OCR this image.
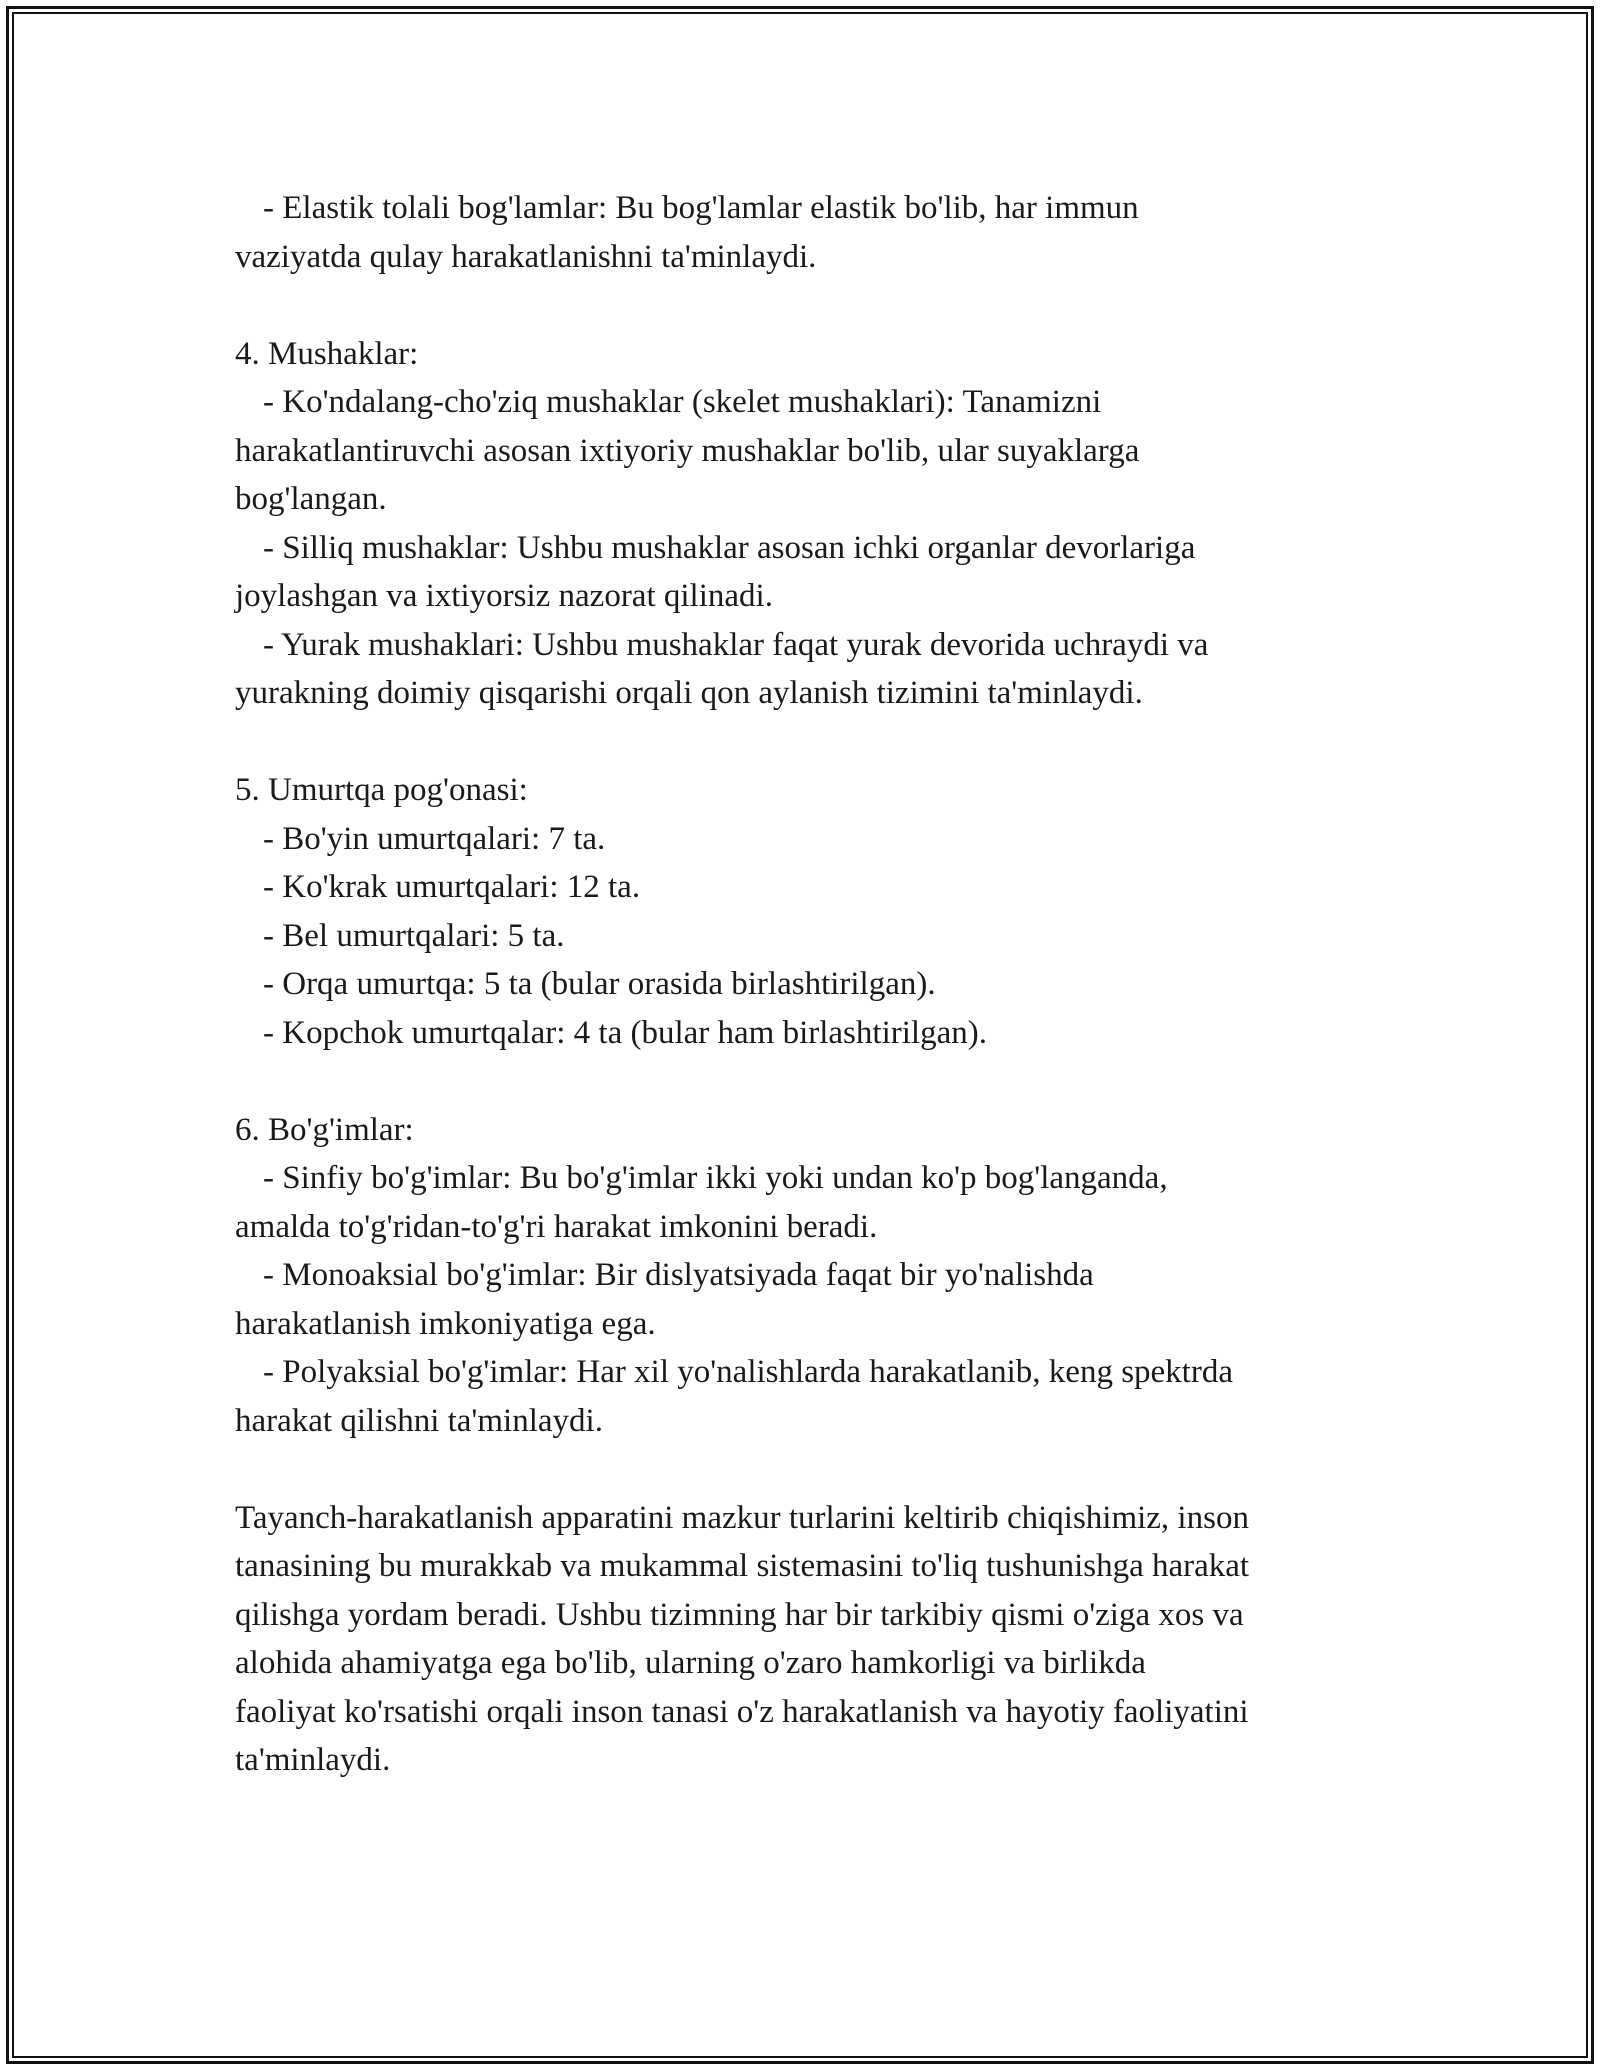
- Elastik tolali bog'lamlar: Bu bog'lamlar elastik bo'lib, har immun
vaziyatda qulay harakatlanishni ta'minlaydi.
4. Mushaklar:
- Ko'ndalang-cho'ziq mushaklar (skelet mushaklari): Tanamizni
harakatlantiruvchi asosan ixtiyoriy mushaklar bo'lib, ular suyaklarga
bog'langan.
- Silliq mushaklar: Ushbu mushaklar asosan ichki organlar devorlariga
joylashgan va ixtiyorsiz nazorat qilinadi.
- Yurak mushaklari: Ushbu mushaklar faqat yurak devorida uchraydi va
yurakning doimiy qisqarishi orqali qon aylanish tizimini ta'minlaydi.
5. Umurtqa pog'onasi:
- Bo'yin umurtqalari: 7 ta.
- Ko'krak umurtqalari: 12 ta.
- Bel umurtqalari: 5 ta.
- Orqa umurtqa: 5 ta (bular orasida birlashtirilgan).
- Kopchok umurtqalar: 4 ta (bular ham birlashtirilgan).
6. Bo'g'imlar:
- Sinfiy bo'g'imlar: Bu bo'g'imlar ikki yoki undan ko'p bog'langanda,
amalda to'g'ridan-to'g'ri harakat imkonini beradi.
- Monoaksial bo'g'imlar: Bir dislyatsiyada faqat bir yo'nalishda
harakatlanish imkoniyatiga ega.
- Polyaksial bo'g'imlar: Har xil yo'nalishlarda harakatlanib, keng spektrda
harakat qilishni ta'minlaydi.
Tayanch-harakatlanish apparatini mazkur turlarini keltirib chiqishimiz, inson
tanasining bu murakkab va mukammal sistemasini to'liq tushunishga harakat
qilishga yordam beradi. Ushbu tizimning har bir tarkibiy qismi o'ziga xos va
alohida ahamiyatga ega bo'lib, ularning o'zaro hamkorligi va birlikda
faoliyat ko'rsatishi orqali inson tanasi o'z harakatlanish va hayotiy faoliyatini
ta'minlaydi.
